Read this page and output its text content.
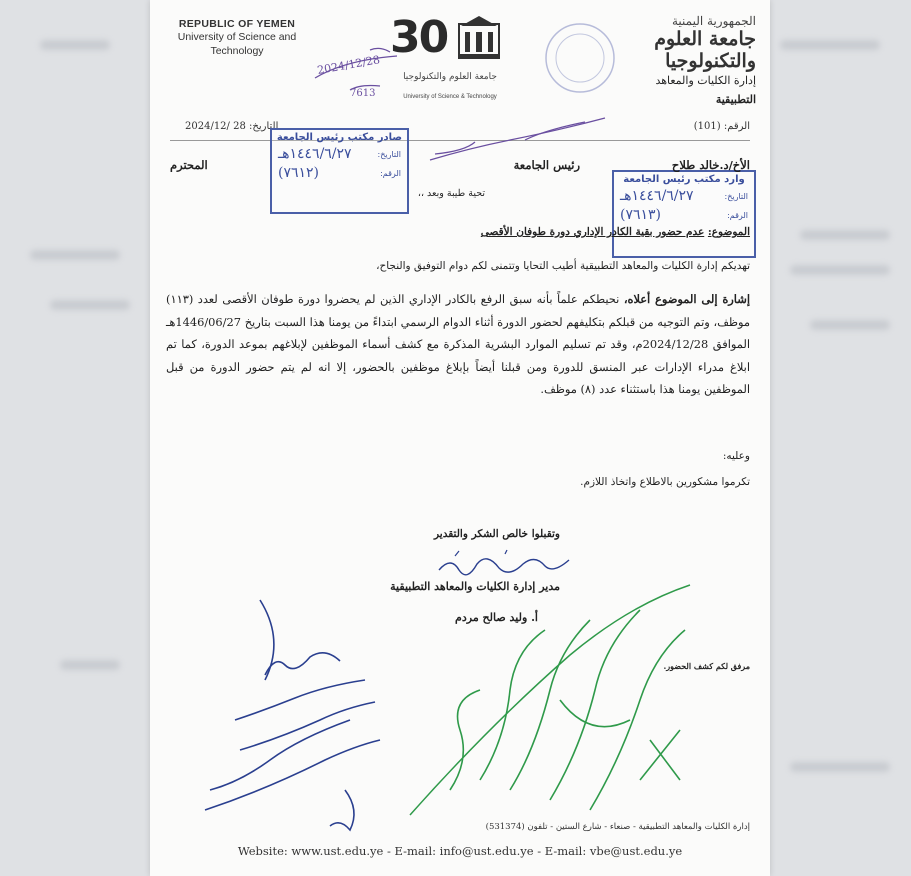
REPUBLIC OF YEMEN
University of Science and Technology	30
جامعة العلوم والتكنولوجيا
University of Science & Technology
الجمهورية اليمنية
جامعة العلوم والتكنولوجيا
إدارة الكليات والمعاهد
التطبيقية
2024/12/28
7613
الرقم: (101)
التاريخ: 28 /2024/12
صادر مكتب رئيس الجامعة
التاريخ:
١٤٤٦/٦/٢٧هـ
الرقم:
(٧٦١٢)	وارد مكتب رئيس الجامعة
التاريخ:
١٤٤٦/٦/٢٧هـ
الرقم:
(٧٦١٣)
الأخ/د.خالد طلاح
رئيس الجامعة
المحترم
تحية طيبة وبعد ،،
الموضوع: عدم حضور بقية الكادر الإداري دورة طوفان الأقصى
تهديكم إدارة الكليات والمعاهد التطبيقية أطيب التحايا وتتمنى لكم دوام التوفيق والنجاح،
إشارة إلى الموضوع أعلاه، نحيطكم علماً بأنه سبق الرفع بالكادر الإداري الذين لم يحضروا دورة طوفان الأقصى لعدد (١١٣) موظف، وتم التوجيه من قبلكم بتكليفهم لحضور الدورة أثناء الدوام الرسمي ابتداءً من يومنا هذا السبت بتاريخ 1446/06/27هـ الموافق 2024/12/28م، وقد تم تسليم الموارد البشرية المذكرة مع كشف أسماء الموظفين لإبلاغهم بموعد الدورة، كما تم ابلاغ مدراء الإدارات عبر المنسق للدورة ومن قبلنا أيضاً بإبلاغ موظفين بالحضور، إلا انه لم يتم حضور الدورة من قبل الموظفين يومنا هذا باستثناء عدد (٨) موظف.
وعليه:
تكرموا مشكورين بالاطلاع واتخاذ اللازم.
وتقبلوا خالص الشكر والتقدير
مدير إدارة الكليات والمعاهد التطبيقية
أ. وليد صالح مردم
مرفق لكم كشف الحضور.
إدارة الكليات والمعاهد التطبيقية - صنعاء - شارع الستين - تلفون (531374)
Website: www.ust.edu.ye - E-mail: info@ust.edu.ye - E-mail: vbe@ust.edu.ye
